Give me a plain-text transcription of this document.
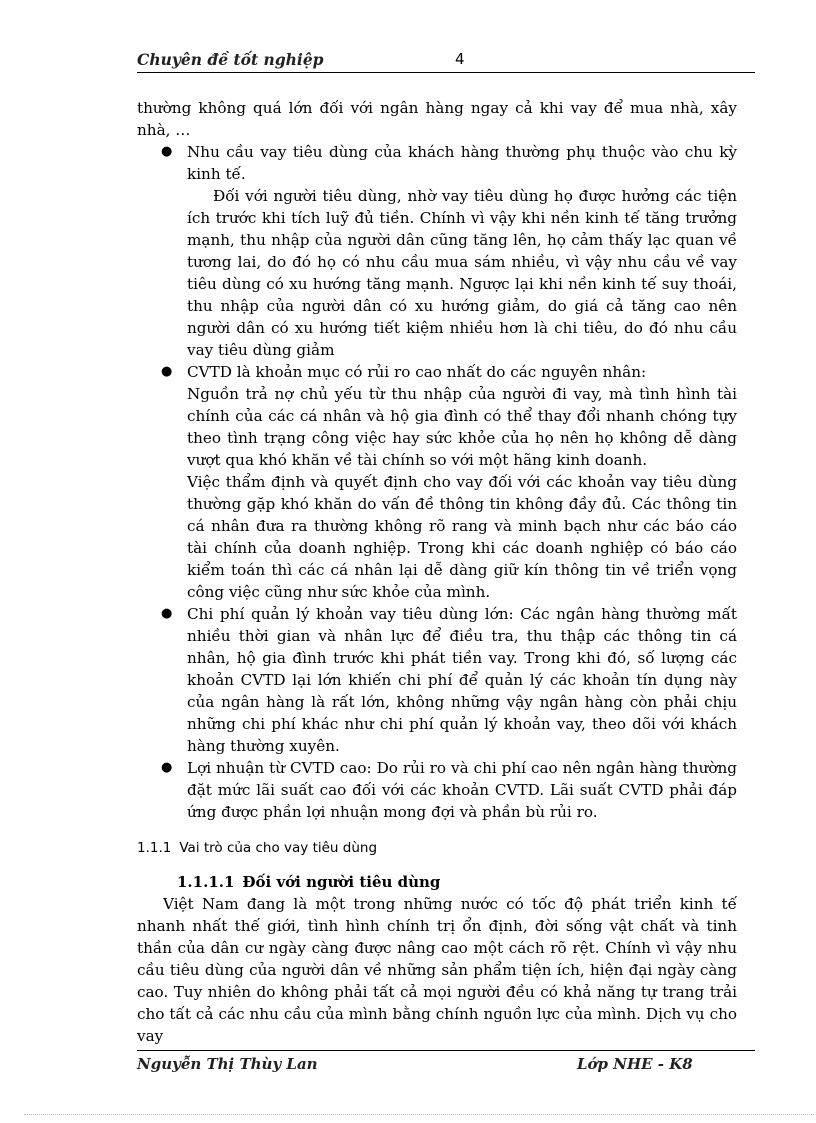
Chuyên đề tốt nghiệp	4

thường không quá lớn đối với ngân hàng ngay cả khi vay để mua nhà, xây nhà, …

● Nhu cầu vay tiêu dùng của khách hàng thường phụ thuộc vào chu kỳ kinh tế.
Đối với người tiêu dùng, nhờ vay tiêu dùng họ được hưởng các tiện ích trước khi tích luỹ đủ tiền. Chính vì vậy khi nền kinh tế tăng trưởng mạnh, thu nhập của người dân cũng tăng lên, họ cảm thấy lạc quan về tương lai, do đó họ có nhu cầu mua sám nhiều, vì vậy nhu cầu về vay tiêu dùng có xu hướng tăng mạnh. Ngược lại khi nền kinh tế suy thoái, thu nhập của người dân có xu hướng giảm, do giá cả tăng cao nên người dân có xu hướng tiết kiệm nhiều hơn là chi tiêu, do đó nhu cầu vay tiêu dùng giảm
● CVTD là khoản mục có rủi ro cao nhất do các nguyên nhân:
Nguồn trả nợ chủ yếu từ thu nhập của người đi vay, mà tình hình tài chính của các cá nhân và hộ gia đình có thể thay đổi nhanh chóng tựy theo tình trạng công việc hay sức khỏe của họ nên họ không dễ dàng vượt qua khó khăn về tài chính so với một hãng kinh doanh.
Việc thẩm định và quyết định cho vay đối với các khoản vay tiêu dùng thường gặp khó khăn do vấn đề thông tin không đầy đủ. Các thông tin cá nhân đưa ra thường không rõ rang và minh bạch như các báo cáo tài chính của doanh nghiệp. Trong khi các doanh nghiệp có báo cáo kiểm toán thì các cá nhân lại dễ dàng giữ kín thông tin về triển vọng công việc cũng như sức khỏe của mình.
● Chi phí quản lý khoản vay tiêu dùng lớn: Các ngân hàng thường mất nhiều thời gian và nhân lực để điều tra, thu thập các thông tin cá nhân, hộ gia đình trước khi phát tiền vay. Trong khi đó, số lượng các khoản CVTD lại lớn khiến chi phí để quản lý các khoản tín dụng này của ngân hàng là rất lớn, không những vậy ngân hàng còn phải chịu những chi phí khác như chi phí quản lý khoản vay, theo dõi với khách hàng thường xuyên.
● Lợi nhuận từ CVTD cao: Do rủi ro và chi phí cao nên ngân hàng thường đặt mức lãi suất cao đối với các khoản CVTD. Lãi suất CVTD phải đáp ứng được phần lợi nhuận mong đợi và phần bù rủi ro.
1.1.1 Vai trò của cho vay tiêu dùng
1.1.1.1 Đối với người tiêu dùng

Việt Nam đang là một trong những nước có tốc độ phát triển kinh tế nhanh nhất thế giới, tình hình chính trị ổn định, đời sống vật chất và tinh thần của dân cư ngày càng được nâng cao một cách rõ rệt. Chính vì vậy nhu cầu tiêu dùng của người dân về những sản phẩm tiện ích, hiện đại ngày càng cao. Tuy nhiên do không phải tất cả mọi người đều có khả năng tự trang trải cho tất cả các nhu cầu của mình bằng chính nguồn lực của mình. Dịch vụ cho vay

Nguyễn Thị Thùy Lan	Lớp NHE - K8
